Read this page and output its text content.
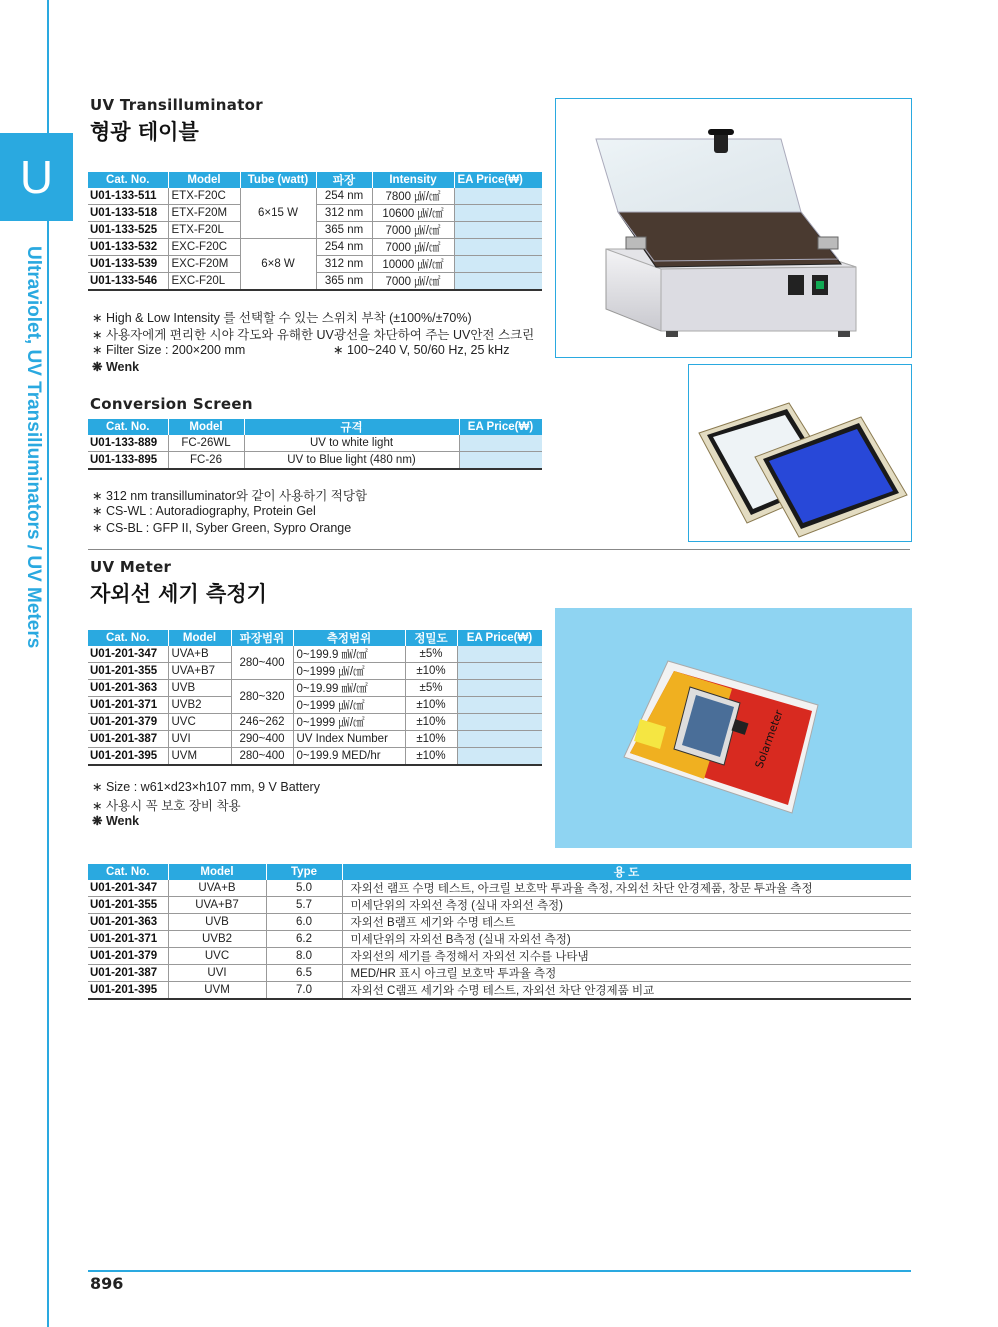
U
Ultraviolet, UV Transilluminators / UV Meters
UV Transilluminator
형광 테이블
Cat. No.	Model	Tube (watt)	파장	Intensity	EA Price(₩)
U01-133-511	ETX-F20C	6×15 W	254 nm	7800 ㎼/㎠	
U01-133-518	ETX-F20M		312 nm	10600 ㎼/㎠	
U01-133-525	ETX-F20L		365 nm	7000 ㎼/㎠	
U01-133-532	EXC-F20C	6×8 W	254 nm	7000 ㎼/㎠	
U01-133-539	EXC-F20M		312 nm	10000 ㎼/㎠	
U01-133-546	EXC-F20L		365 nm	7000 ㎼/㎠	
∗ High & Low Intensity 를 선택할 수 있는 스위치 부착 (±100%/±70%)
∗ 사용자에게 편리한 시야 각도와 유해한 UV광선을 차단하여 주는 UV안전 스크린
∗ Filter Size : 200×200 mm	∗ 100~240 V, 50/60 Hz, 25 kHz
❋ Wenk
Conversion Screen
Cat. No.	Model	규격	EA Price(₩)
U01-133-889	FC-26WL	UV to white light	
U01-133-895	FC-26	UV to Blue light (480 nm)	
∗ 312 nm transilluminator와 같이 사용하기 적당함
∗ CS-WL : Autoradiography, Protein Gel
∗ CS-BL : GFP II, Syber Green, Sypro Orange
UV Meter
자외선 세기 측정기
Cat. No.	Model	파장범위	측정범위	정밀도	EA Price(₩)
U01-201-347	UVA+B	280~400	0~199.9 ㎽/㎠	±5%	
U01-201-355	UVA+B7		0~1999 ㎼/㎠	±10%	
U01-201-363	UVB	280~320	0~19.99 ㎽/㎠	±5%	
U01-201-371	UVB2		0~1999 ㎼/㎠	±10%	
U01-201-379	UVC	246~262	0~1999 ㎼/㎠	±10%	
U01-201-387	UVI	290~400	UV Index Number	±10%	
U01-201-395	UVM	280~400	0~199.9 MED/hr	±10%	
∗ Size : w61×d23×h107 mm, 9 V Battery
∗ 사용시 꼭 보호 장비 착용
❋ Wenk
Solarmeter
Cat. No.	Model	Type	용 도
U01-201-347	UVA+B	5.0	자외선 램프 수명 테스트, 아크릴 보호막 투과율 측정, 자외선 차단 안경제품, 창문 투과율 측정
U01-201-355	UVA+B7	5.7	미세단위의 자외선 측정 (실내 자외선 측정)
U01-201-363	UVB	6.0	자외선 B램프 세기와 수명 테스트
U01-201-371	UVB2	6.2	미세단위의 자외선 B측정 (실내 자외선 측정)
U01-201-379	UVC	8.0	자외선의 세기를 측정해서 자외선 지수를 나타냄
U01-201-387	UVI	6.5	MED/HR 표시 아크릴 보호막 투과율 측정
U01-201-395	UVM	7.0	자외선 C램프 세기와 수명 테스트, 자외선 차단 안경제품 비교
896
